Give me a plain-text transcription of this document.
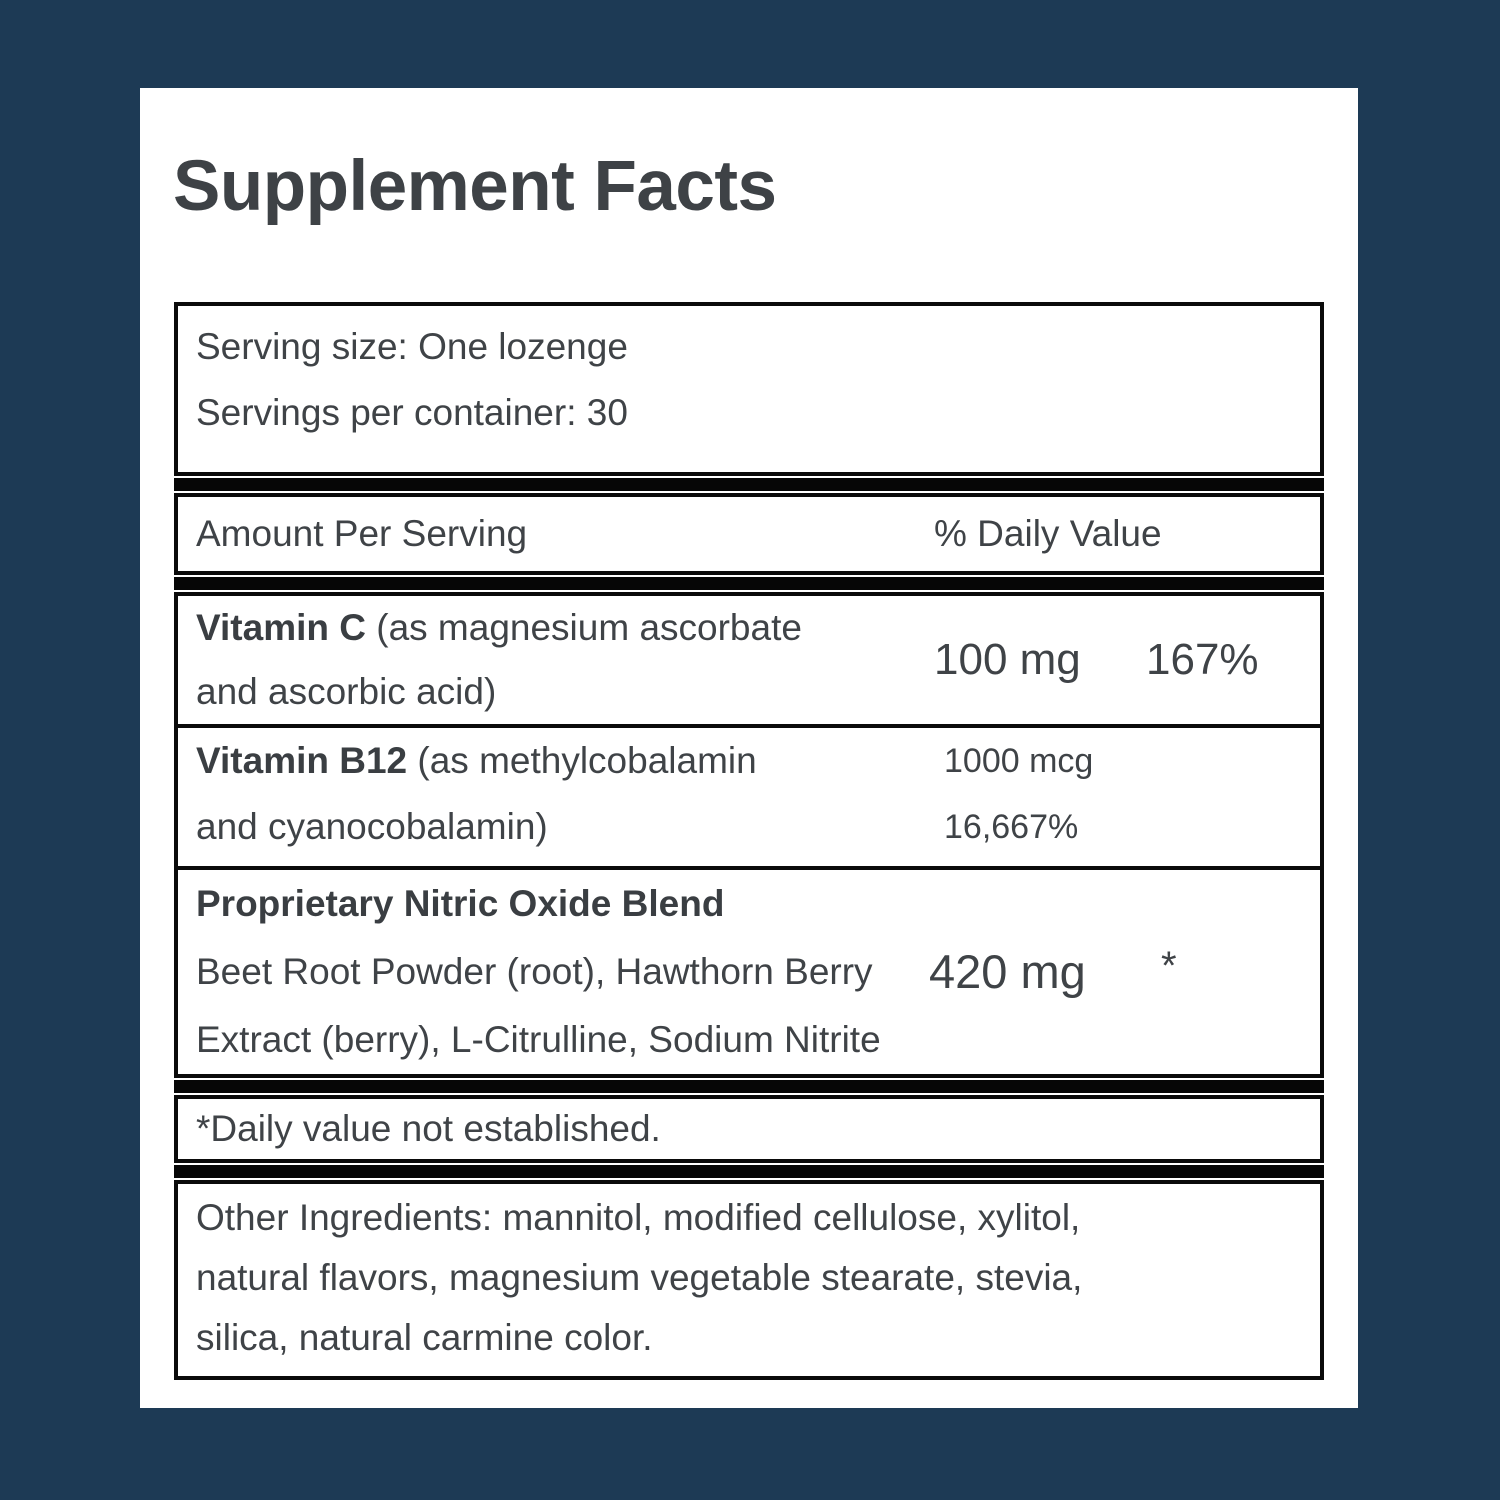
Supplement Facts
Serving size: One lozenge
Servings per container: 30
Amount Per Serving	% Daily Value
Vitamin C (as magnesium ascorbate
and ascorbic acid)
100 mg 167%
Vitamin B12 (as methylcobalamin
and cyanocobalamin)
1000 mcg
16,667%
Proprietary Nitric Oxide Blend
Beet Root Powder (root), Hawthorn Berry
Extract (berry), L-Citrulline, Sodium Nitrite
420 mg *
*Daily value not established.
Other Ingredients: mannitol, modified cellulose, xylitol,
natural flavors, magnesium vegetable stearate, stevia,
silica, natural carmine color.
